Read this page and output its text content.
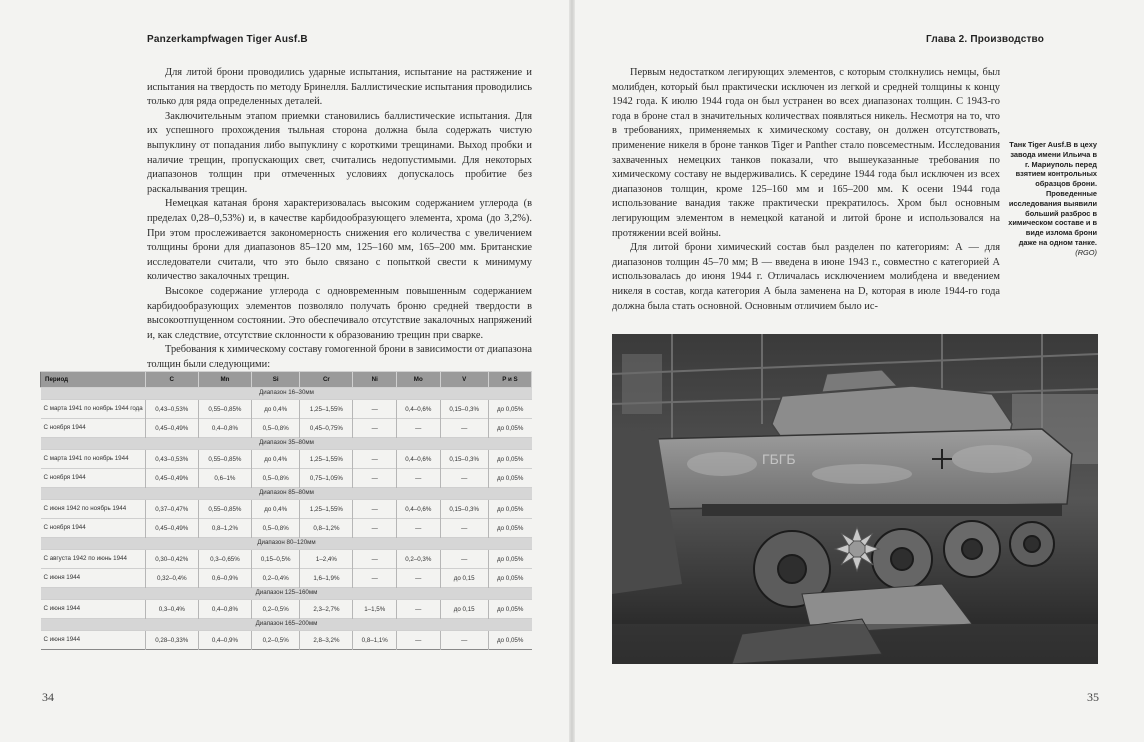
Panzerkampfwagen Tiger Ausf.B

Для литой брони проводились ударные испытания, испытание на растяжение и испытания на твердость по методу Бринелля. Баллистические испытания проводились только для ряда определенных деталей.

Заключительным этапом приемки становились баллистические испытания. Для их успешного прохождения тыльная сторона должна была содержать чистую выпуклину от попадания либо выпуклину с короткими трещинами. Выход пробки и наличие трещин, пропускающих свет, считались недопустимыми. Для некоторых диапазонов толщин при отмеченных условиях допускалось пробитие без раскалывания трещин.

Немецкая катаная броня характеризовалась высоким содержанием углерода (в пределах 0,28–0,53%) и, в качестве карбидообразующего элемента, хрома (до 3,2%). При этом прослеживается закономерность снижения его количества с увеличением толщины брони для диапазонов 85–120 мм, 125–160 мм, 165–200 мм. Британские исследователи считали, что это было связано с попыткой свести к минимуму количество закалочных трещин.

Высокое содержание углерода с одновременным повышенным содержанием карбидообразующих элементов позволяло получать броню средней твердости в высокоотпущенном состоянии. Это обеспечивало отсутствие закалочных напряжений и, как следствие, отсутствие склонности к образованию трещин при сварке.

Требования к химическому составу гомогенной брони в зависимости от диапазона толщин были следующими:

Период	C	Mn	Si	Cr	Ni	Mo	V	P и S
Диапазон 16–30мм								
С марта 1941 по ноябрь 1944 года	0,43–0,53%	0,55–0,85%	до 0,4%	1,25–1,55%	—	0,4–0,6%	0,15–0,3%	до 0,05%
С ноября 1944	0,45–0,49%	0,4–0,8%	0,5–0,8%	0,45–0,75%	—	—	—	до 0,05%
Диапазон 35–80мм								
С марта 1941 по ноябрь 1944	0,43–0,53%	0,55–0,85%	до 0,4%	1,25–1,55%	—	0,4–0,6%	0,15–0,3%	до 0,05%
С ноября 1944	0,45–0,49%	0,6–1%	0,5–0,8%	0,75–1,05%	—	—	—	до 0,05%
Диапазон 85–80мм								
С июня 1942 по ноябрь 1944	0,37–0,47%	0,55–0,85%	до 0,4%	1,25–1,55%	—	0,4–0,6%	0,15–0,3%	до 0,05%
С ноября 1944	0,45–0,49%	0,8–1,2%	0,5–0,8%	0,8–1,2%	—	—	—	до 0,05%
Диапазон 80–120мм								
С августа 1942 по июнь 1944	0,30–0,42%	0,3–0,65%	0,15–0,5%	1–2,4%	—	0,2–0,3%	—	до 0,05%
С июня 1944	0,32–0,4%	0,6–0,9%	0,2–0,4%	1,6–1,9%	—	—	до 0,15	до 0,05%
Диапазон 125–160мм								
С июня 1944	0,3–0,4%	0,4–0,8%	0,2–0,5%	2,3–2,7%	1–1,5%	—	до 0,15	до 0,05%
Диапазон 165–200мм								
С июня 1944	0,28–0,33%	0,4–0,9%	0,2–0,5%	2,8–3,2%	0,8–1,1%	—	—	до 0,05%
34
Глава 2. Производство

Первым недостатком легирующих элементов, с которым столкнулись немцы, был молибден, который был практически исключен из легкой и средней толщины к концу 1942 года. К июлю 1944 года он был устранен во всех диапазонах толщин. С 1943-го года в броне стал в значительных количествах появляться никель. Несмотря на то, что в требованиях, применяемых к химическому составу, он должен отсутствовать, применение никеля в броне танков Tiger и Panther стало повсеместным. Исследования захваченных немецких танков показали, что вышеуказанные требования по химическому составу не выдерживались. К середине 1944 года был исключен из всех диапазонов толщин, кроме 125–160 мм и 165–200 мм. К осени 1944 года использование ванадия также практически прекратилось. Хром был основным легирующим элементом в немецкой катаной и литой броне и использовался на протяжении всей войны.

Для литой брони химический состав был разделен по категориям: А — для диапазонов толщин 45–70 мм; В — введена в июне 1943 г., совместно с категорией А использовалась до июня 1944 г. Отличалась исключением молибдена и введением никеля в состав, когда категория А была заменена на D, которая в июле 1944-го года должна была стать основной. Основным отличием было ис-

Танк Tiger Ausf.B в цеху завода имени Ильича в г. Мариуполь перед взятием контрольных образцов брони. Проведенные исследования выявили больший разброс в химическом составе и в виде излома брони даже на одном танке. (RGO)
ГБГБ
35
